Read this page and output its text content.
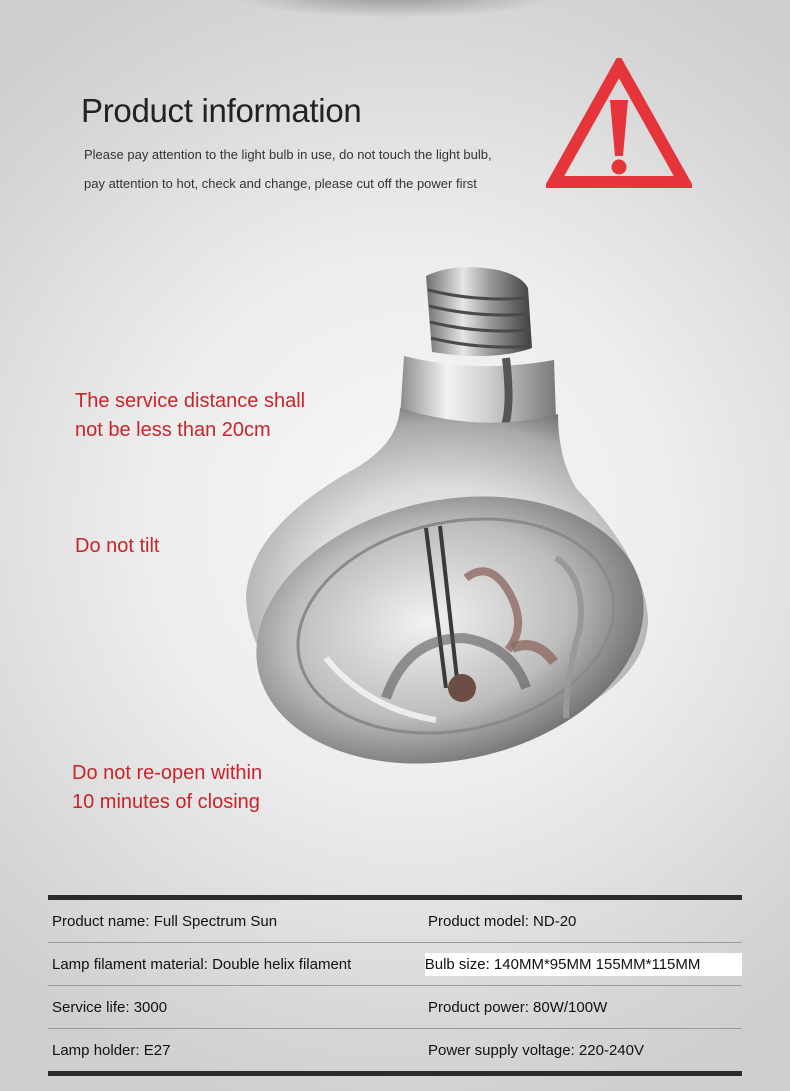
Product information

Please pay attention to the light bulb in use, do not touch the light bulb,

pay attention to hot, check and change, please cut off the power first

The service distance shall
not be less than 20cm

Do not tilt

Do not re-open within
10 minutes of closing

Product name: Full Spectrum Sun	Product model: ND-20
Lamp filament material: Double helix filament	Bulb size: 140MM*95MM 155MM*115MM
Service life: 3000	Product power: 80W/100W
Lamp holder: E27	Power supply voltage: 220-240V
